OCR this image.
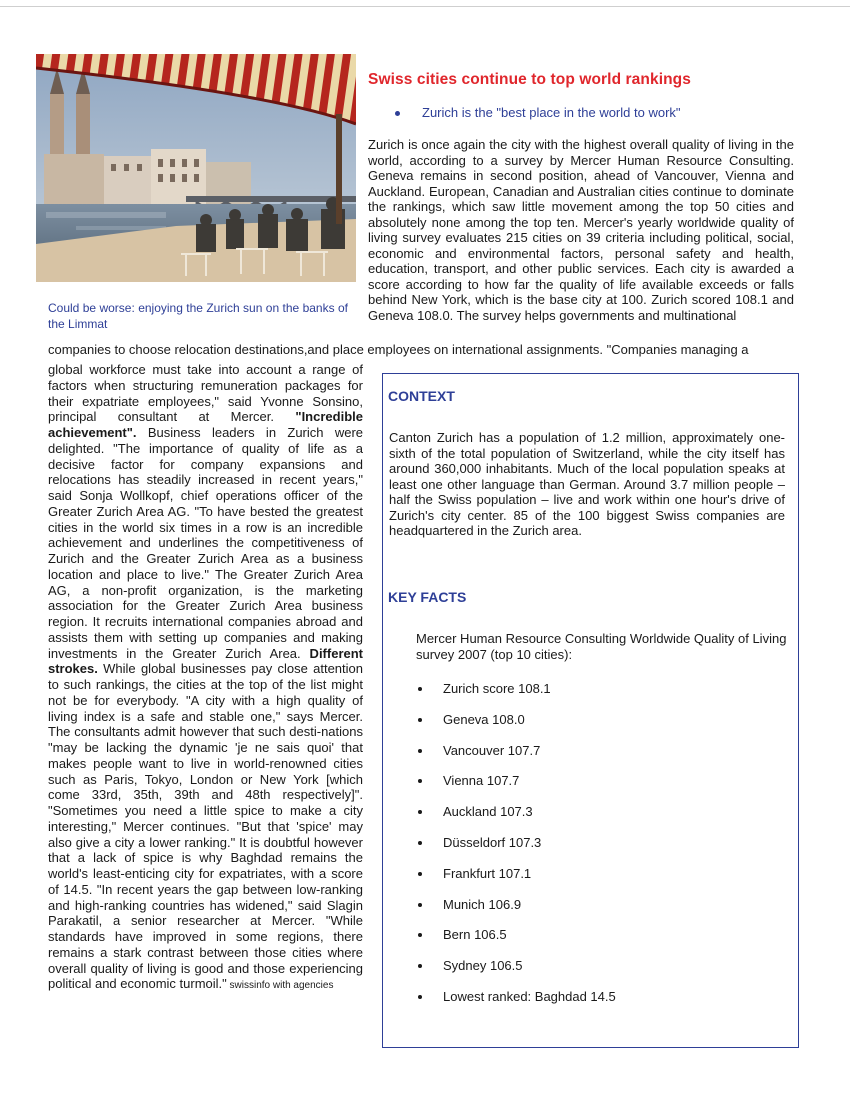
Could be worse: enjoying the Zurich sun on the banks of the Limmat
Swiss cities continue to top world rankings
Zurich is the "best place in the world to work"

Zurich is once again the city with the highest overall quality of living in the world, according to a survey by Mercer Human Resource Consulting. Geneva remains in second position, ahead of Vancouver, Vienna and Auckland. European, Canadian and Australian cities continue to dominate the rankings, which saw little movement among the top 50 cities and absolutely none among the top ten. Mercer's yearly worldwide quality of living survey evaluates 215 cities on 39 criteria including political, social, economic and environmental factors, personal safety and health, education, transport, and other public services. Each city is awarded a score according to how far the quality of life available exceeds or falls behind New York, which is the base city at 100. Zurich scored 108.1 and Geneva 108.0. The survey helps governments and multinational

companies to choose relocation destinations,and place employees on international assignments. "Companies managing a

global workforce must take into account a range of factors when structuring remuneration packages for their expatriate employees," said Yvonne Sonsino, principal consultant at Mercer. "Incredible achievement". Business leaders in Zurich were delighted. "The importance of quality of life as a decisive factor for company expansions and relocations has steadily increased in recent years," said Sonja Wollkopf, chief operations officer of the Greater Zurich Area AG. "To have bested the greatest cities in the world six times in a row is an incredible achievement and underlines the competitiveness of Zurich and the Greater Zurich Area as a business location and place to live." The Greater Zurich Area AG, a non-profit organization, is the marketing association for the Greater Zurich Area business region. It recruits international companies abroad and assists them with setting up companies and making investments in the Greater Zurich Area. Different strokes. While global businesses pay close attention to such rankings, the cities at the top of the list might not be for everybody. "A city with a high quality of living index is a safe and stable one," says Mercer. The consultants admit however that such desti-nations "may be lacking the dynamic 'je ne sais quoi' that makes people want to live in world-renowned cities such as Paris, Tokyo, London or New York [which come 33rd, 35th, 39th and 48th respectively]". "Sometimes you need a little spice to make a city interesting," Mercer continues. "But that 'spice' may also give a city a lower ranking." It is doubtful however that a lack of spice is why Baghdad remains the world's least-enticing city for expatriates, with a score of 14.5. "In recent years the gap between low-ranking and high-ranking countries has widened," said Slagin Parakatil, a senior researcher at Mercer. "While standards have improved in some regions, there remains a stark contrast between those cities where overall quality of living is good and those experiencing political and economic turmoil." swissinfo with agencies

CONTEXT
Canton Zurich has a population of 1.2 million, approximately one-sixth of the total population of Switzerland, while the city itself has around 360,000 inhabitants. Much of the local population speaks at least one other language than German. Around 3.7 million people – half the Swiss population – live and work within one hour's drive of Zurich's city center. 85 of the 100 biggest Swiss companies are headquartered in the Zurich area.
KEY FACTS
Mercer Human Resource Consulting Worldwide Quality of Living survey 2007 (top 10 cities):
Zurich score 108.1
Geneva 108.0
Vancouver 107.7
Vienna 107.7
Auckland 107.3
Düsseldorf 107.3
Frankfurt 107.1
Munich 106.9
Bern 106.5
Sydney 106.5
Lowest ranked: Baghdad 14.5
